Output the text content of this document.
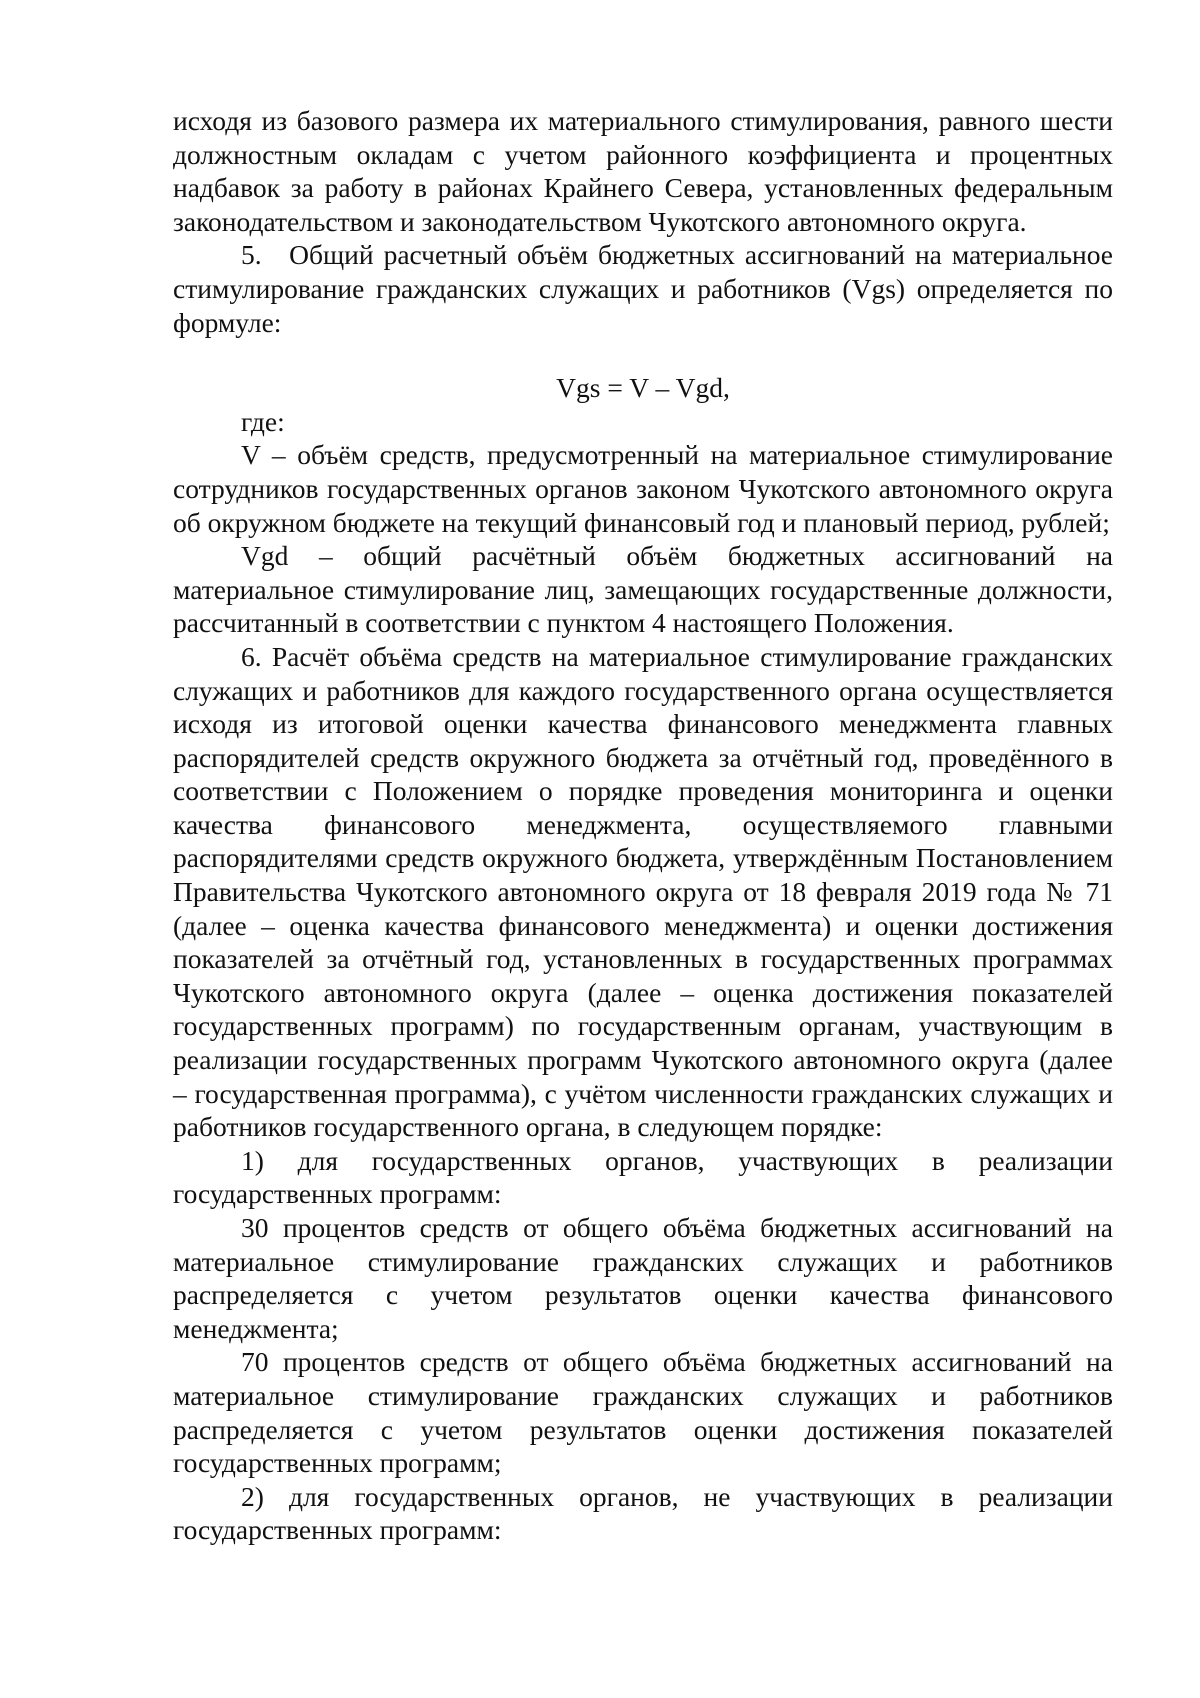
исходя из базового размера их материального стимулирования, равного шести должностным окладам с учетом районного коэффициента и процентных надбавок за работу в районах Крайнего Севера, установленных федеральным законодательством и законодательством Чукотского автономного округа.

5. Общий расчетный объём бюджетных ассигнований на материальное стимулирование гражданских служащих и работников (Vgs) определяется по формуле:

Vgs = V – Vgd,

где:

V – объём средств, предусмотренный на материальное стимулирование сотрудников государственных органов законом Чукотского автономного округа об окружном бюджете на текущий финансовый год и плановый период, рублей;

Vgd – общий расчётный объём бюджетных ассигнований на материальное стимулирование лиц, замещающих государственные должности, рассчитанный в соответствии с пунктом 4 настоящего Положения.

6. Расчёт объёма средств на материальное стимулирование гражданских служащих и работников для каждого государственного органа осуществляется исходя из итоговой оценки качества финансового менеджмента главных распорядителей средств окружного бюджета за отчётный год, проведённого в соответствии с Положением о порядке проведения мониторинга и оценки качества финансового менеджмента, осуществляемого главными распорядителями средств окружного бюджета, утверждённым Постановлением Правительства Чукотского автономного округа от 18 февраля 2019 года № 71 (далее – оценка качества финансового менеджмента) и оценки достижения показателей за отчётный год, установленных в государственных программах Чукотского автономного округа (далее – оценка достижения показателей государственных программ) по государственным органам, участвующим в реализации государственных программ Чукотского автономного округа (далее – государственная программа), с учётом численности гражданских служащих и работников государственного органа, в следующем порядке:

1) для государственных органов, участвующих в реализации государственных программ:

30 процентов средств от общего объёма бюджетных ассигнований на материальное стимулирование гражданских служащих и работников распределяется с учетом результатов оценки качества финансового менеджмента;

70 процентов средств от общего объёма бюджетных ассигнований на материальное стимулирование гражданских служащих и работников распределяется с учетом результатов оценки достижения показателей государственных программ;

2) для государственных органов, не участвующих в реализации государственных программ:
